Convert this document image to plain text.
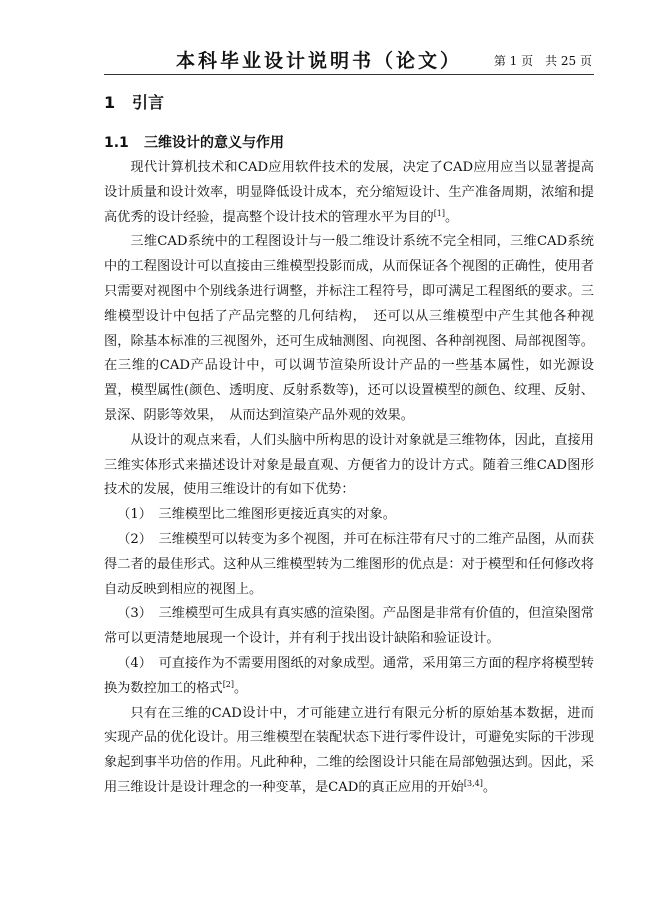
本科毕业设计说明书（论文）	第 1 页　共 25 页
1 引言
1.1 三维设计的意义与作用

现代计算机技术和CAD应用软件技术的发展，决定了CAD应用应当以显著提高设计质量和设计效率，明显降低设计成本，充分缩短设计、生产准备周期，浓缩和提高优秀的设计经验，提高整个设计技术的管理水平为目的[1]。

三维CAD系统中的工程图设计与一般二维设计系统不完全相同，三维CAD系统中的工程图设计可以直接由三维模型投影而成，从而保证各个视图的正确性，使用者只需要对视图中个别线条进行调整，并标注工程符号，即可满足工程图纸的要求。三维模型设计中包括了产品完整的几何结构，　还可以从三维模型中产生其他各种视图，除基本标准的三视图外，还可生成轴测图、向视图、各种剖视图、局部视图等。在三维的CAD产品设计中，可以调节渲染所设计产品的一些基本属性，如光源设置，模型属性(颜色、透明度、反射系数等)，还可以设置模型的颜色、纹理、反射、景深、阴影等效果，　从而达到渲染产品外观的效果。

从设计的观点来看，人们头脑中所构思的设计对象就是三维物体，因此，直接用三维实体形式来描述设计对象是最直观、方便省力的设计方式。随着三维CAD图形技术的发展，使用三维设计的有如下优势：

（1）　三维模型比二维图形更接近真实的对象。

（2）　三维模型可以转变为多个视图，并可在标注带有尺寸的二维产品图，从而获得二者的最佳形式。这种从三维模型转为二维图形的优点是：对于模型和任何修改将自动反映到相应的视图上。

（3）　三维模型可生成具有真实感的渲染图。产品图是非常有价值的，但渲染图常常可以更清楚地展现一个设计，并有利于找出设计缺陷和验证设计。

（4）　可直接作为不需要用图纸的对象成型。通常，采用第三方面的程序将模型转换为数控加工的格式[2]。

只有在三维的CAD设计中，才可能建立进行有限元分析的原始基本数据，进而实现产品的优化设计。用三维模型在装配状态下进行零件设计，可避免实际的干涉现象起到事半功倍的作用。凡此种种，二维的绘图设计只能在局部勉强达到。因此，采用三维设计是设计理念的一种变革，是CAD的真正应用的开始[3,4]。
